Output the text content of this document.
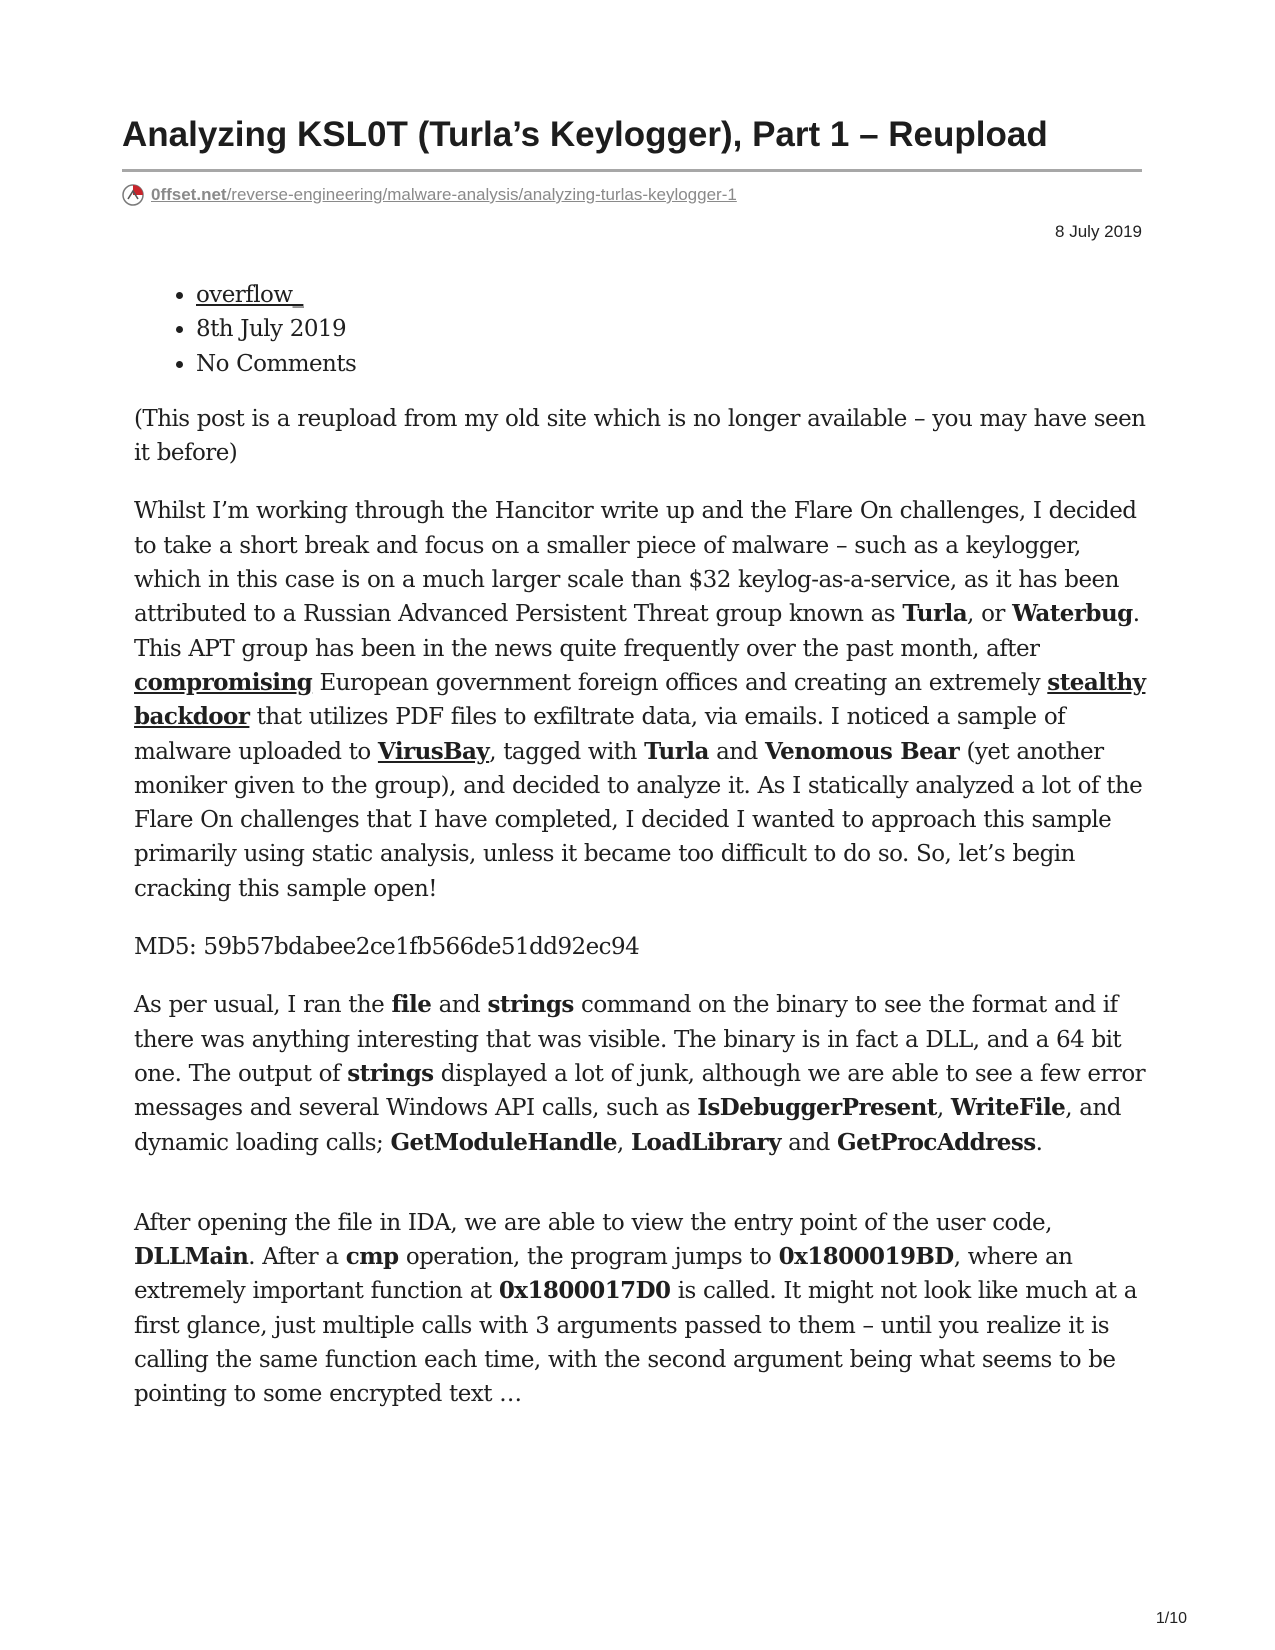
Analyzing KSL0T (Turla’s Keylogger), Part 1 – Reupload
0ffset.net/reverse-engineering/malware-analysis/analyzing-turlas-keylogger-1
8 July 2019
• overflow_
• 8th July 2019
• No Comments

(This post is a reupload from my old site which is no longer available – you may have seen it before)

Whilst I’m working through the Hancitor write up and the Flare On challenges, I decided to take a short break and focus on a smaller piece of malware – such as a keylogger, which in this case is on a much larger scale than $32 keylog-as-a-service, as it has been attributed to a Russian Advanced Persistent Threat group known as Turla, or Waterbug. This APT group has been in the news quite frequently over the past month, after compromising European government foreign offices and creating an extremely stealthy backdoor that utilizes PDF files to exfiltrate data, via emails. I noticed a sample of malware uploaded to VirusBay, tagged with Turla and Venomous Bear (yet another moniker given to the group), and decided to analyze it. As I statically analyzed a lot of the Flare On challenges that I have completed, I decided I wanted to approach this sample primarily using static analysis, unless it became too difficult to do so. So, let’s begin cracking this sample open!

MD5: 59b57bdabee2ce1fb566de51dd92ec94

As per usual, I ran the file and strings command on the binary to see the format and if there was anything interesting that was visible. The binary is in fact a DLL, and a 64 bit one. The output of strings displayed a lot of junk, although we are able to see a few error messages and several Windows API calls, such as IsDebuggerPresent, WriteFile, and dynamic loading calls; GetModuleHandle, LoadLibrary and GetProcAddress.

After opening the file in IDA, we are able to view the entry point of the user code, DLLMain. After a cmp operation, the program jumps to 0x1800019BD, where an extremely important function at 0x1800017D0 is called. It might not look like much at a first glance, just multiple calls with 3 arguments passed to them – until you realize it is calling the same function each time, with the second argument being what seems to be pointing to some encrypted text …

1/10
